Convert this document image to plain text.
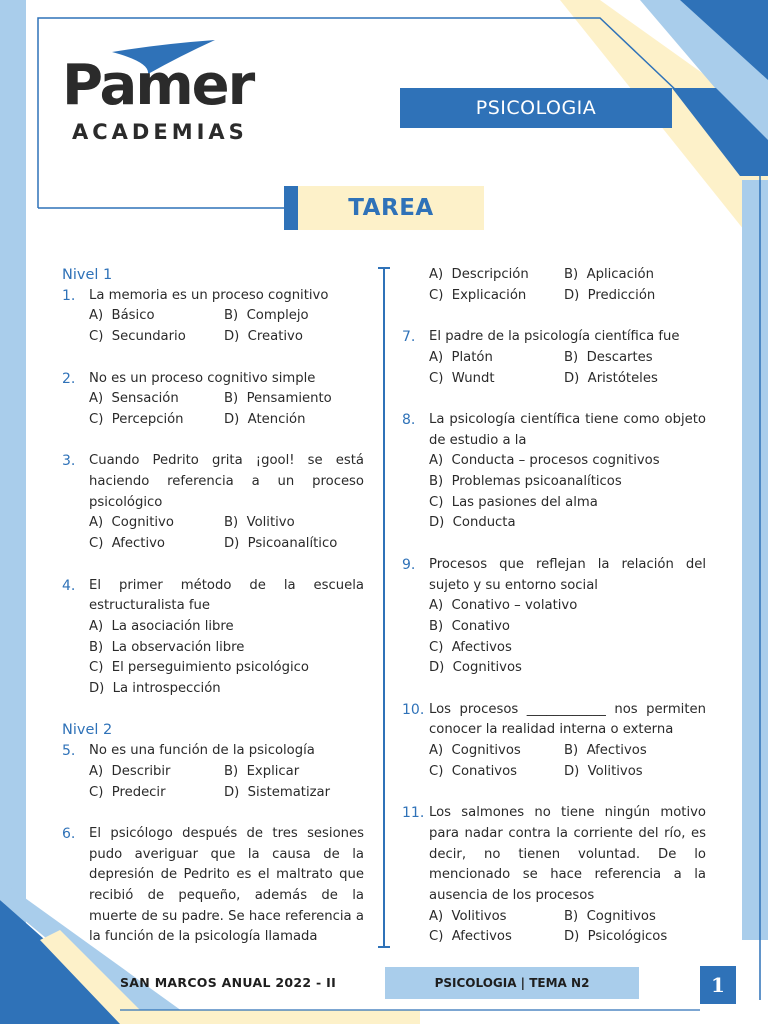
Pamer
ACADEMIAS
PSICOLOGIA
TAREA
Nivel 1
1.	La memoria es un proceso cognitivo
A)  Básico	B)  Complejo
C)  Secundario	D)  Creativo
2.	No es un proceso cognitivo simple
A)  Sensación	B)  Pensamiento
C)  Percepción	D)  Atención
3.	Cuando Pedrito grita ¡gool! se está haciendo referencia a un proceso psicológico
A)  Cognitivo	B)  Volitivo
C)  Afectivo	D)  Psicoanalítico
4.	El primer método de la escuela estructuralista fue
A)  La asociación libre
B)  La observación libre
C)  El perseguimiento psicológico
D)  La introspección
Nivel 2
5.	No es una función de la psicología
A)  Describir	B)  Explicar
C)  Predecir	D)  Sistematizar
6.	El psicólogo después de tres sesiones pudo averiguar que la causa de la depresión de Pedrito es el maltrato que recibió de pequeño, además de la muerte de su padre. Se hace referencia a la función de la psicología llamada
A)  Descripción	B)  Aplicación
C)  Explicación	D)  Predicción
7.	El padre de la psicología científica fue
A)  Platón	B)  Descartes
C)  Wundt	D)  Aristóteles
8.	La psicología científica tiene como objeto de estudio a la
A)  Conducta – procesos cognitivos
B)  Problemas psicoanalíticos
C)  Las pasiones del alma
D)  Conducta
9.	Procesos que reflejan la relación del sujeto y su entorno social
A)  Conativo – volativo
B)  Conativo
C)  Afectivos
D)  Cognitivos
10. Los procesos ____________ nos permiten conocer la realidad interna o externa
A)  Cognitivos	B)  Afectivos
C)  Conativos	D)  Volitivos
11. Los salmones no tiene ningún motivo para nadar contra la corriente del río, es decir, no tienen voluntad. De lo mencionado se hace referencia a la ausencia de los procesos
A)  Volitivos	B)  Cognitivos
C)  Afectivos	D)  Psicológicos
SAN MARCOS ANUAL 2022 - II	PSICOLOGIA | TEMA N2	1
